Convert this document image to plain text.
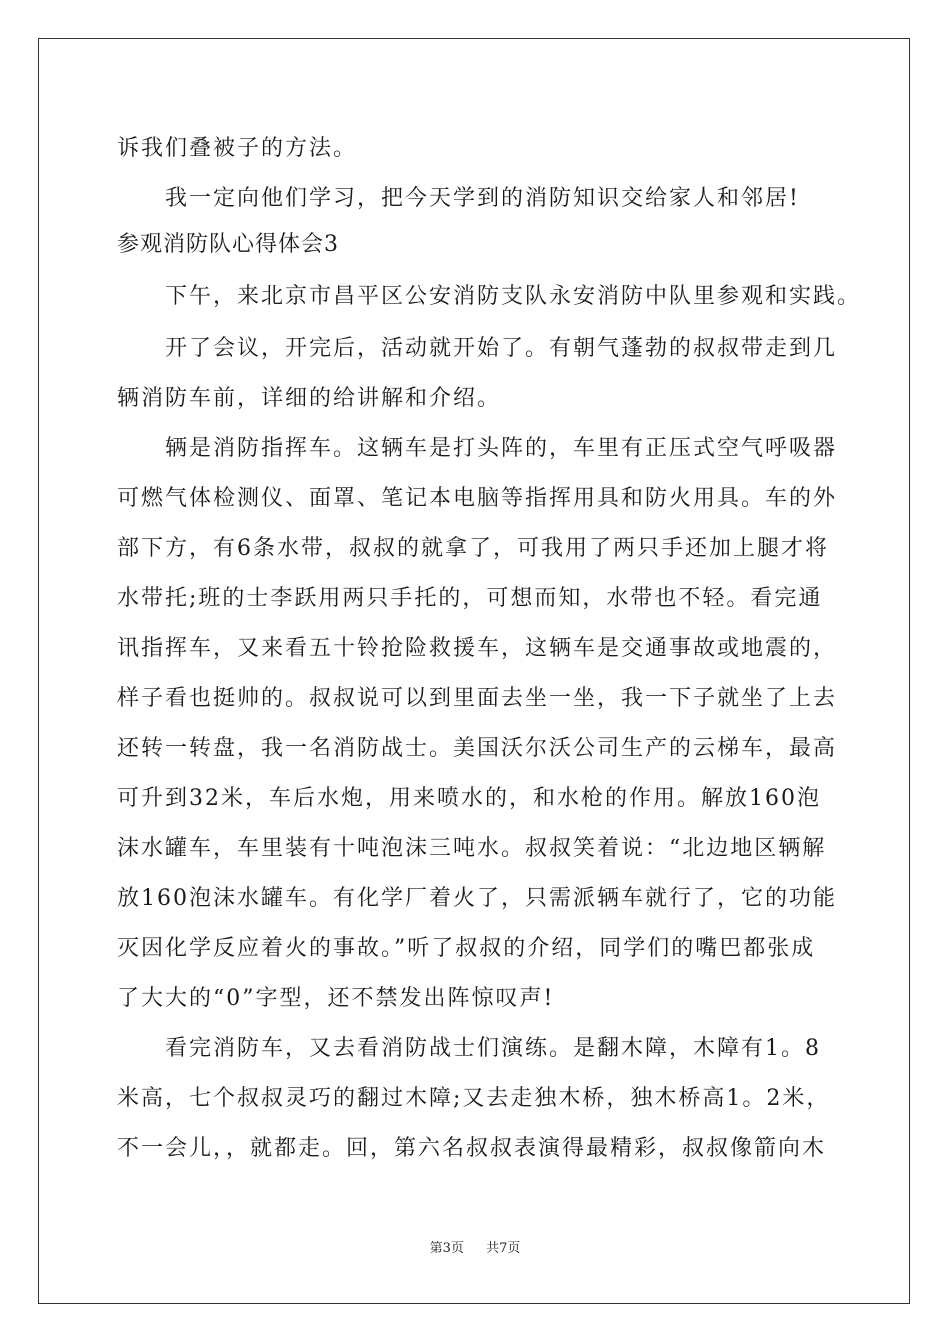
诉我们叠被子的方法。
　　我一定向他们学习，把今天学到的消防知识交给家人和邻居!
参观消防队心得体会3
　　下午，来北京市昌平区公安消防支队永安消防中队里参观和实践。
　　开了会议，开完后，活动就开始了。有朝气蓬勃的叔叔带走到几
辆消防车前，详细的给讲解和介绍。
　　辆是消防指挥车。这辆车是打头阵的，车里有正压式空气呼吸器
可燃气体检测仪、面罩、笔记本电脑等指挥用具和防火用具。车的外
部下方，有6条水带，叔叔的就拿了，可我用了两只手还加上腿才将
水带托;班的士李跃用两只手托的，可想而知，水带也不轻。看完通
讯指挥车，又来看五十铃抢险救援车，这辆车是交通事故或地震的，
样子看也挺帅的。叔叔说可以到里面去坐一坐，我一下子就坐了上去
还转一转盘，我一名消防战士。美国沃尔沃公司生产的云梯车，最高
可升到32米，车后水炮，用来喷水的，和水枪的作用。解放160泡
沫水罐车，车里装有十吨泡沫三吨水。叔叔笑着说：“北边地区辆解
放160泡沫水罐车。有化学厂着火了，只需派辆车就行了，它的功能
灭因化学反应着火的事故。”听了叔叔的介绍，同学们的嘴巴都张成
了大大的“0”字型，还不禁发出阵惊叹声!
　　看完消防车，又去看消防战士们演练。是翻木障，木障有1。8
米高，七个叔叔灵巧的翻过木障;又去走独木桥，独木桥高1。2米，
不一会儿，，就都走。回，第六名叔叔表演得最精彩，叔叔像箭向木
第3页 共7页
